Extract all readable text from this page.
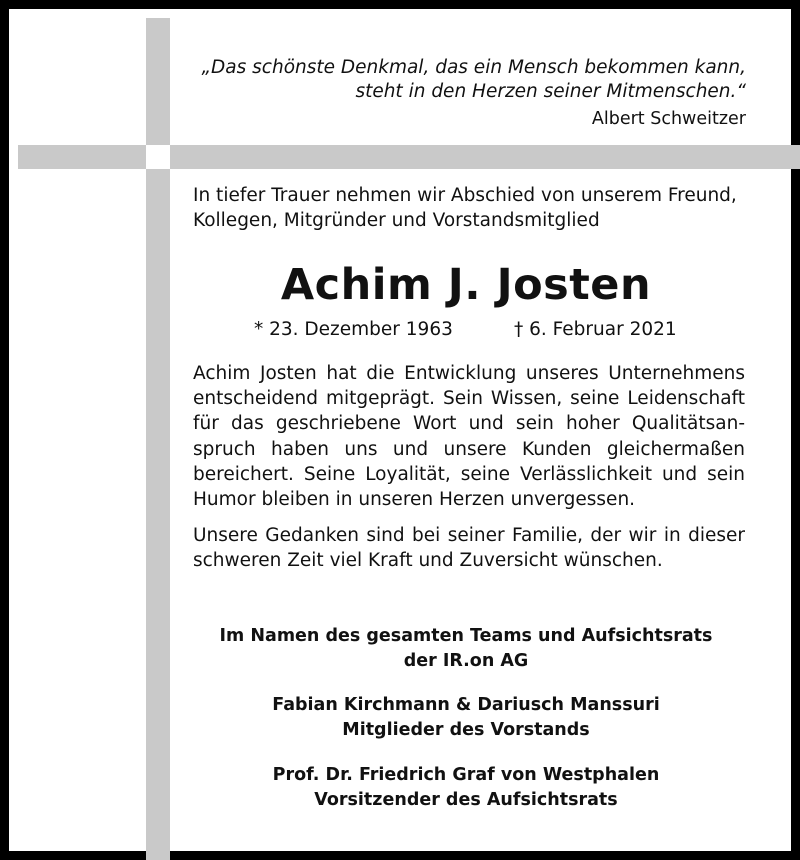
„Das schönste Denkmal, das ein Mensch bekommen kann,
steht in den Herzen seiner Mitmenschen.“
Albert Schweitzer
In tiefer Trauer nehmen wir Abschied von unserem Freund,
Kollegen, Mitgründer und Vorstandsmitglied
Achim J. Josten
* 23. Dezember 1963	† 6. Februar 2021
Achim Josten hat die Entwicklung unseres Unternehmens
entscheidend mitgeprägt. Sein Wissen, seine Leidenschaft
für das geschriebene Wort und sein hoher Qualitätsan-
spruch haben uns und unsere Kunden gleichermaßen
bereichert. Seine Loyalität, seine Verlässlichkeit und sein
Humor bleiben in unseren Herzen unvergessen.
Unsere Gedanken sind bei seiner Familie, der wir in dieser
schweren Zeit viel Kraft und Zuversicht wünschen.
Im Namen des gesamten Teams und Aufsichtsrats
der IR.on AG
Fabian Kirchmann & Dariusch Manssuri
Mitglieder des Vorstands
Prof. Dr. Friedrich Graf von Westphalen
Vorsitzender des Aufsichtsrats
